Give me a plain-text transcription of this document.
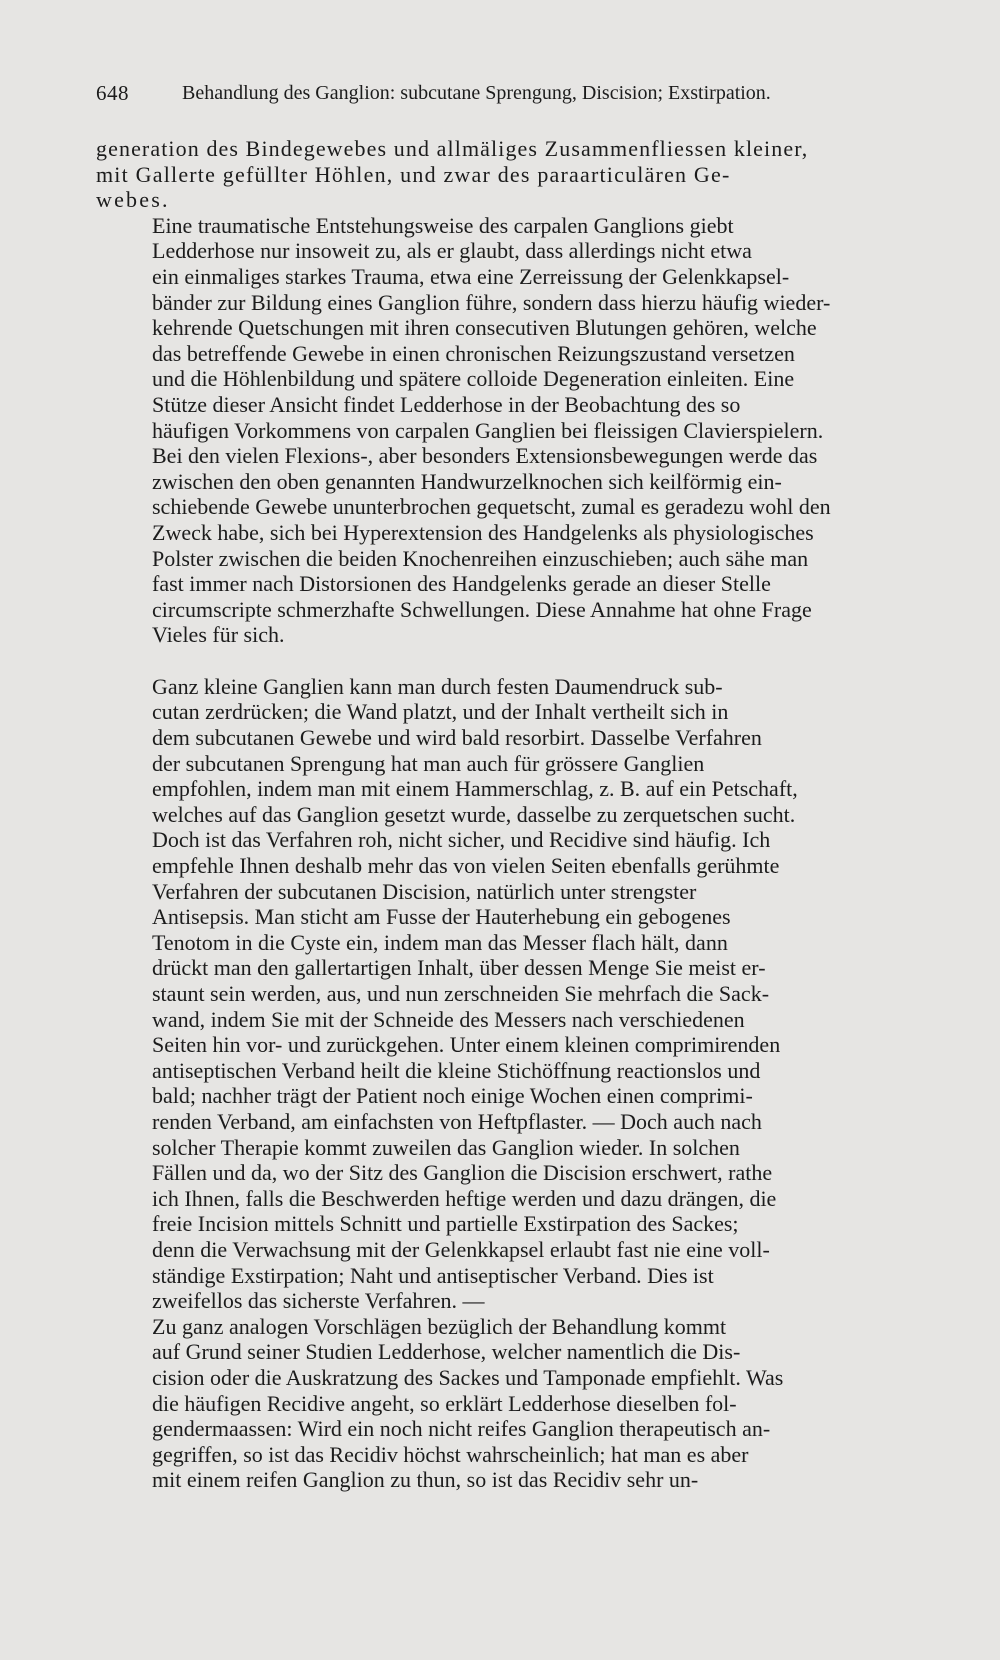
648	Behandlung des Ganglion: subcutane Sprengung, Discision; Exstirpation.

generation des Bindegewebes und allmäliges Zusammenfliessen kleiner,
mit Gallerte gefüllter Höhlen, und zwar des paraarticulären Ge-
webes.

Eine traumatische Entstehungsweise des carpalen Ganglions giebt
Ledderhose nur insoweit zu, als er glaubt, dass allerdings nicht etwa
ein einmaliges starkes Trauma, etwa eine Zerreissung der Gelenkkapsel-
bänder zur Bildung eines Ganglion führe, sondern dass hierzu häufig wieder-
kehrende Quetschungen mit ihren consecutiven Blutungen gehören, welche
das betreffende Gewebe in einen chronischen Reizungszustand versetzen
und die Höhlenbildung und spätere colloide Degeneration einleiten. Eine
Stütze dieser Ansicht findet Ledderhose in der Beobachtung des so
häufigen Vorkommens von carpalen Ganglien bei fleissigen Clavierspielern.
Bei den vielen Flexions-, aber besonders Extensionsbewegungen werde das
zwischen den oben genannten Handwurzelknochen sich keilförmig ein-
schiebende Gewebe ununterbrochen gequetscht, zumal es geradezu wohl den
Zweck habe, sich bei Hyperextension des Handgelenks als physiologisches
Polster zwischen die beiden Knochenreihen einzuschieben; auch sähe man
fast immer nach Distorsionen des Handgelenks gerade an dieser Stelle
circumscripte schmerzhafte Schwellungen. Diese Annahme hat ohne Frage
Vieles für sich.

Ganz kleine Ganglien kann man durch festen Daumendruck sub-
cutan zerdrücken; die Wand platzt, und der Inhalt vertheilt sich in
dem subcutanen Gewebe und wird bald resorbirt. Dasselbe Verfahren
der subcutanen Sprengung hat man auch für grössere Ganglien
empfohlen, indem man mit einem Hammerschlag, z. B. auf ein Petschaft,
welches auf das Ganglion gesetzt wurde, dasselbe zu zerquetschen sucht.
Doch ist das Verfahren roh, nicht sicher, und Recidive sind häufig. Ich
empfehle Ihnen deshalb mehr das von vielen Seiten ebenfalls gerühmte
Verfahren der subcutanen Discision, natürlich unter strengster
Antisepsis. Man sticht am Fusse der Hauterhebung ein gebogenes
Tenotom in die Cyste ein, indem man das Messer flach hält, dann
drückt man den gallertartigen Inhalt, über dessen Menge Sie meist er-
staunt sein werden, aus, und nun zerschneiden Sie mehrfach die Sack-
wand, indem Sie mit der Schneide des Messers nach verschiedenen
Seiten hin vor- und zurückgehen. Unter einem kleinen comprimirenden
antiseptischen Verband heilt die kleine Stichöffnung reactionslos und
bald; nachher trägt der Patient noch einige Wochen einen comprimi-
renden Verband, am einfachsten von Heftpflaster. — Doch auch nach
solcher Therapie kommt zuweilen das Ganglion wieder. In solchen
Fällen und da, wo der Sitz des Ganglion die Discision erschwert, rathe
ich Ihnen, falls die Beschwerden heftige werden und dazu drängen, die
freie Incision mittels Schnitt und partielle Exstirpation des Sackes;
denn die Verwachsung mit der Gelenkkapsel erlaubt fast nie eine voll-
ständige Exstirpation; Naht und antiseptischer Verband. Dies ist
zweifellos das sicherste Verfahren. —

Zu ganz analogen Vorschlägen bezüglich der Behandlung kommt
auf Grund seiner Studien Ledderhose, welcher namentlich die Dis-
cision oder die Auskratzung des Sackes und Tamponade empfiehlt. Was
die häufigen Recidive angeht, so erklärt Ledderhose dieselben fol-
gendermaassen: Wird ein noch nicht reifes Ganglion therapeutisch an-
gegriffen, so ist das Recidiv höchst wahrscheinlich; hat man es aber
mit einem reifen Ganglion zu thun, so ist das Recidiv sehr un-
